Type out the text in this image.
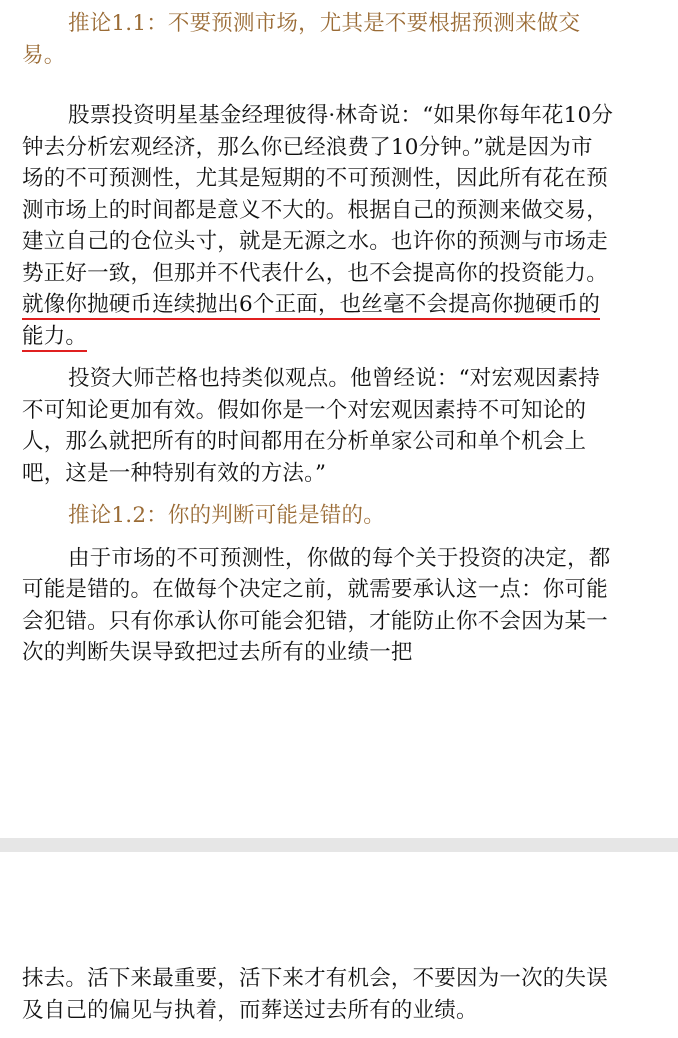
推论1.1：不要预测市场，尤其是不要根据预测来做交易。
股票投资明星基金经理彼得·林奇说：“如果你每年花10分钟去分析宏观经济，那么你已经浪费了10分钟。”就是因为市场的不可预测性，尤其是短期的不可预测性，因此所有花在预测市场上的时间都是意义不大的。根据自己的预测来做交易，建立自己的仓位头寸，就是无源之水。也许你的预测与市场走势正好一致，但那并不代表什么，也不会提高你的投资能力。就像你抛硬币连续抛出6个正面，也丝毫不会提高你抛硬币的能力。
投资大师芒格也持类似观点。他曾经说：“对宏观因素持不可知论更加有效。假如你是一个对宏观因素持不可知论的人，那么就把所有的时间都用在分析单家公司和单个机会上吧，这是一种特别有效的方法。”
推论1.2：你的判断可能是错的。
由于市场的不可预测性，你做的每个关于投资的决定，都可能是错的。在做每个决定之前，就需要承认这一点：你可能会犯错。只有你承认你可能会犯错，才能防止你不会因为某一次的判断失误导致把过去所有的业绩一把
抹去。活下来最重要，活下来才有机会，不要因为一次的失误及自己的偏见与执着，而葬送过去所有的业绩。
